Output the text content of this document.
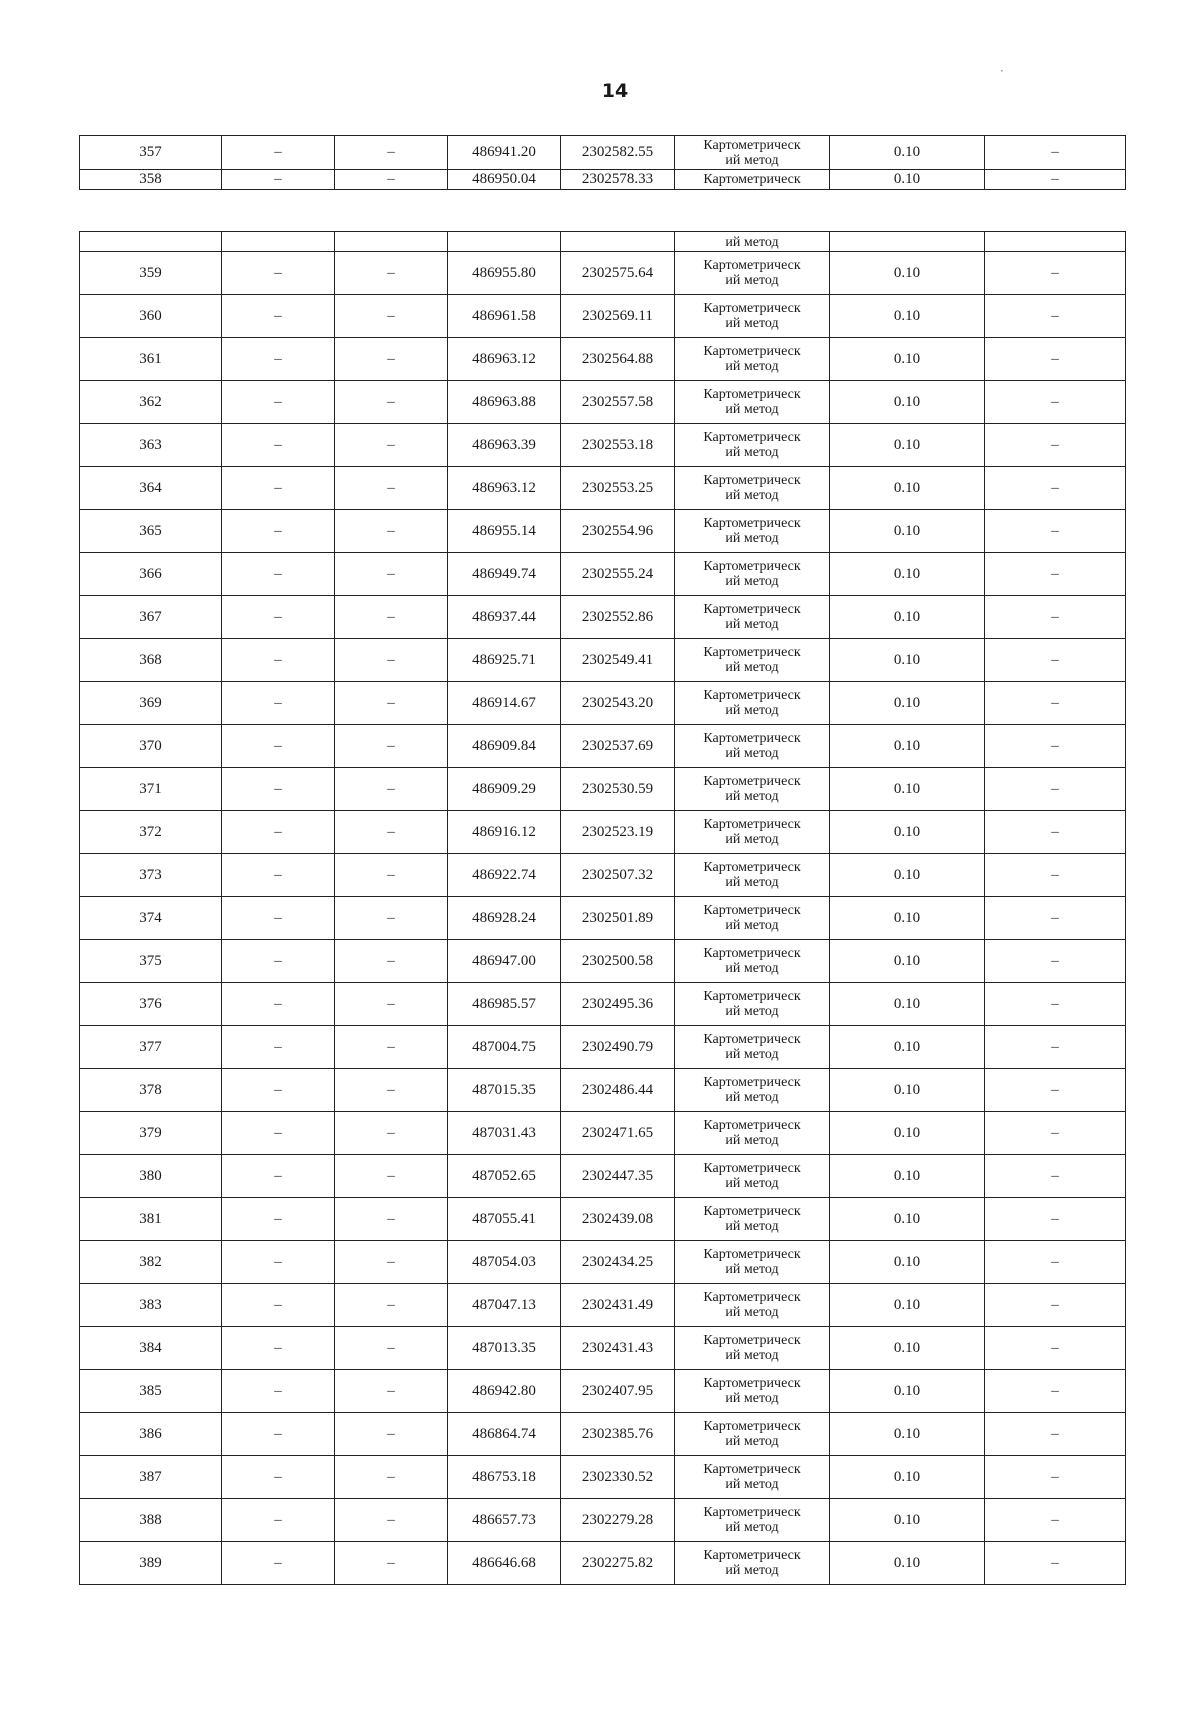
14
357	–	–	486941.20	2302582.55	Картометрическ
ий метод	0.10	–
358	–	–	486950.04	2302578.33	Картометрическ	0.10	–
					ий метод		
359	–	–	486955.80	2302575.64	Картометрическ
ий метод	0.10	–
360	–	–	486961.58	2302569.11	Картометрическ
ий метод	0.10	–
361	–	–	486963.12	2302564.88	Картометрическ
ий метод	0.10	–
362	–	–	486963.88	2302557.58	Картометрическ
ий метод	0.10	–
363	–	–	486963.39	2302553.18	Картометрическ
ий метод	0.10	–
364	–	–	486963.12	2302553.25	Картометрическ
ий метод	0.10	–
365	–	–	486955.14	2302554.96	Картометрическ
ий метод	0.10	–
366	–	–	486949.74	2302555.24	Картометрическ
ий метод	0.10	–
367	–	–	486937.44	2302552.86	Картометрическ
ий метод	0.10	–
368	–	–	486925.71	2302549.41	Картометрическ
ий метод	0.10	–
369	–	–	486914.67	2302543.20	Картометрическ
ий метод	0.10	–
370	–	–	486909.84	2302537.69	Картометрическ
ий метод	0.10	–
371	–	–	486909.29	2302530.59	Картометрическ
ий метод	0.10	–
372	–	–	486916.12	2302523.19	Картометрическ
ий метод	0.10	–
373	–	–	486922.74	2302507.32	Картометрическ
ий метод	0.10	–
374	–	–	486928.24	2302501.89	Картометрическ
ий метод	0.10	–
375	–	–	486947.00	2302500.58	Картометрическ
ий метод	0.10	–
376	–	–	486985.57	2302495.36	Картометрическ
ий метод	0.10	–
377	–	–	487004.75	2302490.79	Картометрическ
ий метод	0.10	–
378	–	–	487015.35	2302486.44	Картометрическ
ий метод	0.10	–
379	–	–	487031.43	2302471.65	Картометрическ
ий метод	0.10	–
380	–	–	487052.65	2302447.35	Картометрическ
ий метод	0.10	–
381	–	–	487055.41	2302439.08	Картометрическ
ий метод	0.10	–
382	–	–	487054.03	2302434.25	Картометрическ
ий метод	0.10	–
383	–	–	487047.13	2302431.49	Картометрическ
ий метод	0.10	–
384	–	–	487013.35	2302431.43	Картометрическ
ий метод	0.10	–
385	–	–	486942.80	2302407.95	Картометрическ
ий метод	0.10	–
386	–	–	486864.74	2302385.76	Картометрическ
ий метод	0.10	–
387	–	–	486753.18	2302330.52	Картометрическ
ий метод	0.10	–
388	–	–	486657.73	2302279.28	Картометрическ
ий метод	0.10	–
389	–	–	486646.68	2302275.82	Картометрическ
ий метод	0.10	–
·
